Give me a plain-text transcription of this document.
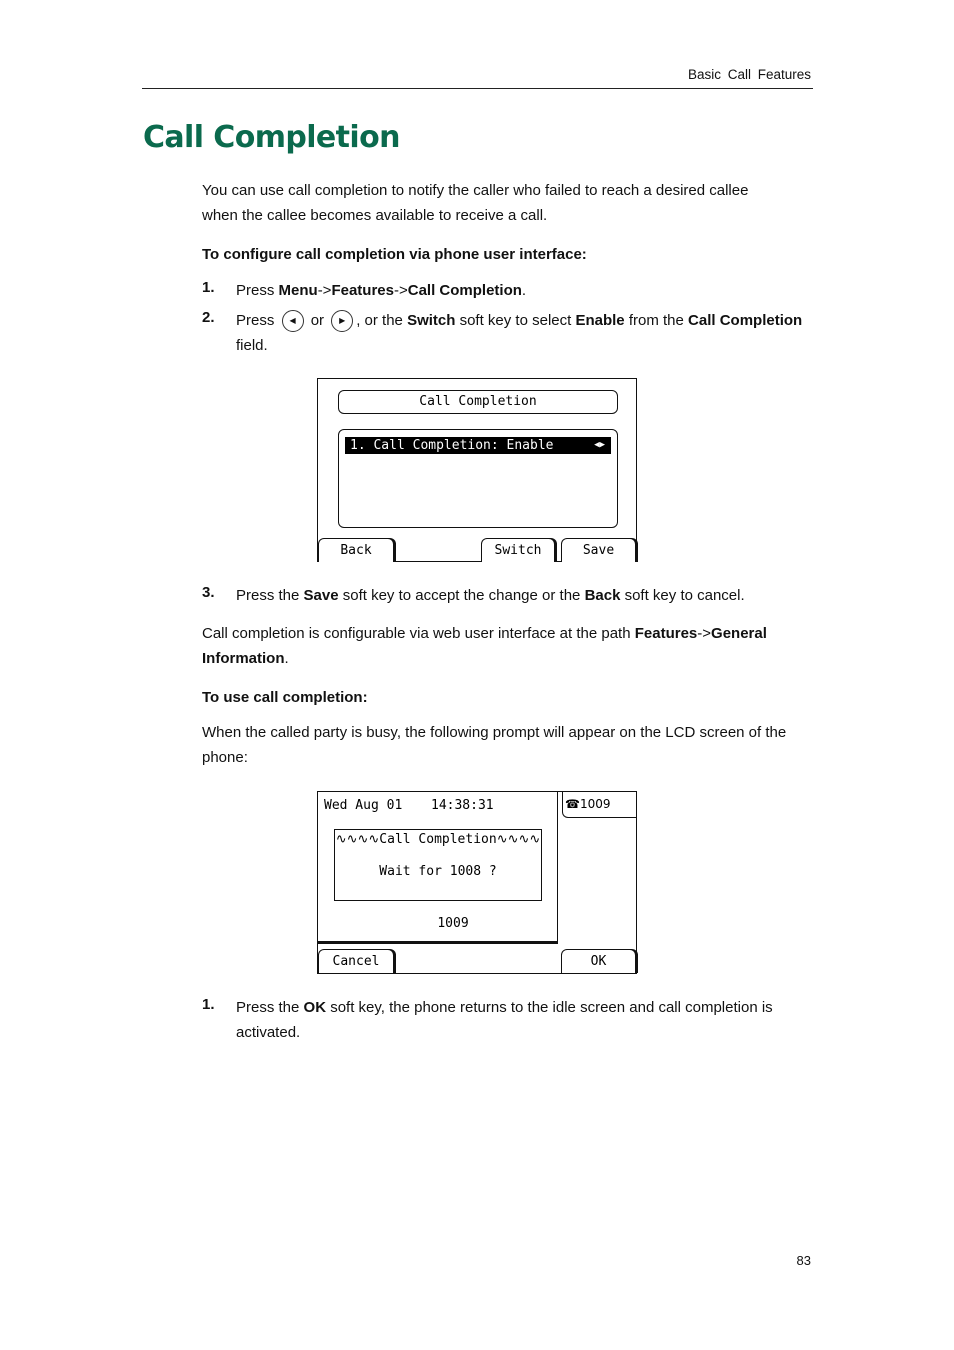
Basic Call Features
Call Completion
You can use call completion to notify the caller who failed to reach a desired callee
when the callee becomes available to receive a call.
To configure call completion via phone user interface:
1. Press Menu->Features->Call Completion.
2. Press	◀	or	▶ , or the Switch soft key to select Enable from the Call Completion
field.
Call Completion
1. Call Completion: Enable	◀▶
Back	Switch	Save
3. Press the Save soft key to accept the change or the Back soft key to cancel.
Call completion is configurable via web user interface at the path Features->General
Information.
To use call completion:
When the called party is busy, the following prompt will appear on the LCD screen of the
phone:
Wed Aug 01 14:38:31
∿∿∿∿Call Completion∿∿∿∿
Wait for 1008 ?
1009
☎1009
Cancel	OK
1. Press the OK soft key, the phone returns to the idle screen and call completion is
activated.
83
